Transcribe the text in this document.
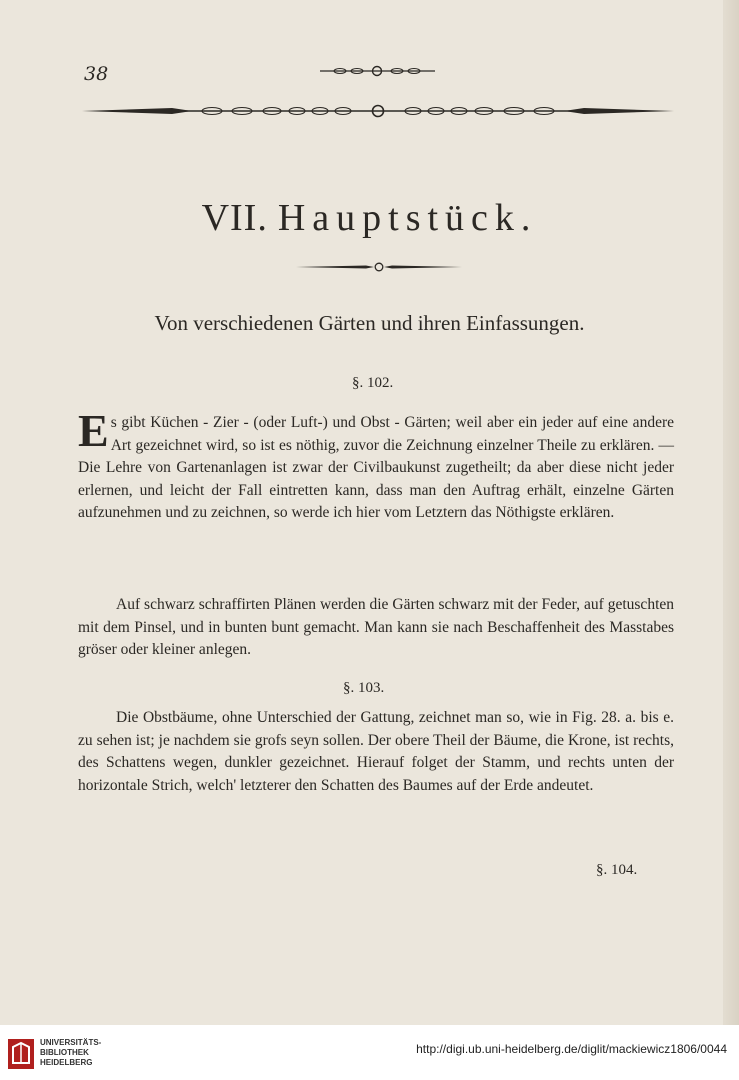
38
VII. Hauptstück.
Von verschiedenen Gärten und ihren Einfassungen.
§. 102.
Es gibt Küchen - Zier - (oder Luft-) und Obst - Gärten; weil aber ein jeder auf eine andere Art gezeichnet wird, so ist es nöthig, zuvor die Zeichnung einzelner Theile zu erklären. — Die Lehre von Gartenanlagen ist zwar der Civilbaukunst zugetheilt; da aber diese nicht jeder erlernen, und leicht der Fall eintretten kann, dass man den Auftrag erhält, einzelne Gärten aufzunehmen und zu zeichnen, so werde ich hier vom Letztern das Nöthigste erklären.
Auf schwarz schraffirten Plänen werden die Gärten schwarz mit der Feder, auf getuschten mit dem Pinsel, und in bunten bunt gemacht. Man kann sie nach Beschaffenheit des Masstabes gröser oder kleiner anlegen.
§. 103.
Die Obstbäume, ohne Unterschied der Gattung, zeichnet man so, wie in Fig. 28. a. bis e. zu sehen ist; je nachdem sie grofs seyn sollen. Der obere Theil der Bäume, die Krone, ist rechts, des Schattens wegen, dunkler gezeichnet. Hierauf folget der Stamm, und rechts unten der horizontale Strich, welch' letzterer den Schatten des Baumes auf der Erde andeutet.
§. 104.
UNIVERSITÄTS-
BIBLIOTHEK
HEIDELBERG
http://digi.ub.uni-heidelberg.de/diglit/mackiewicz1806/0044
